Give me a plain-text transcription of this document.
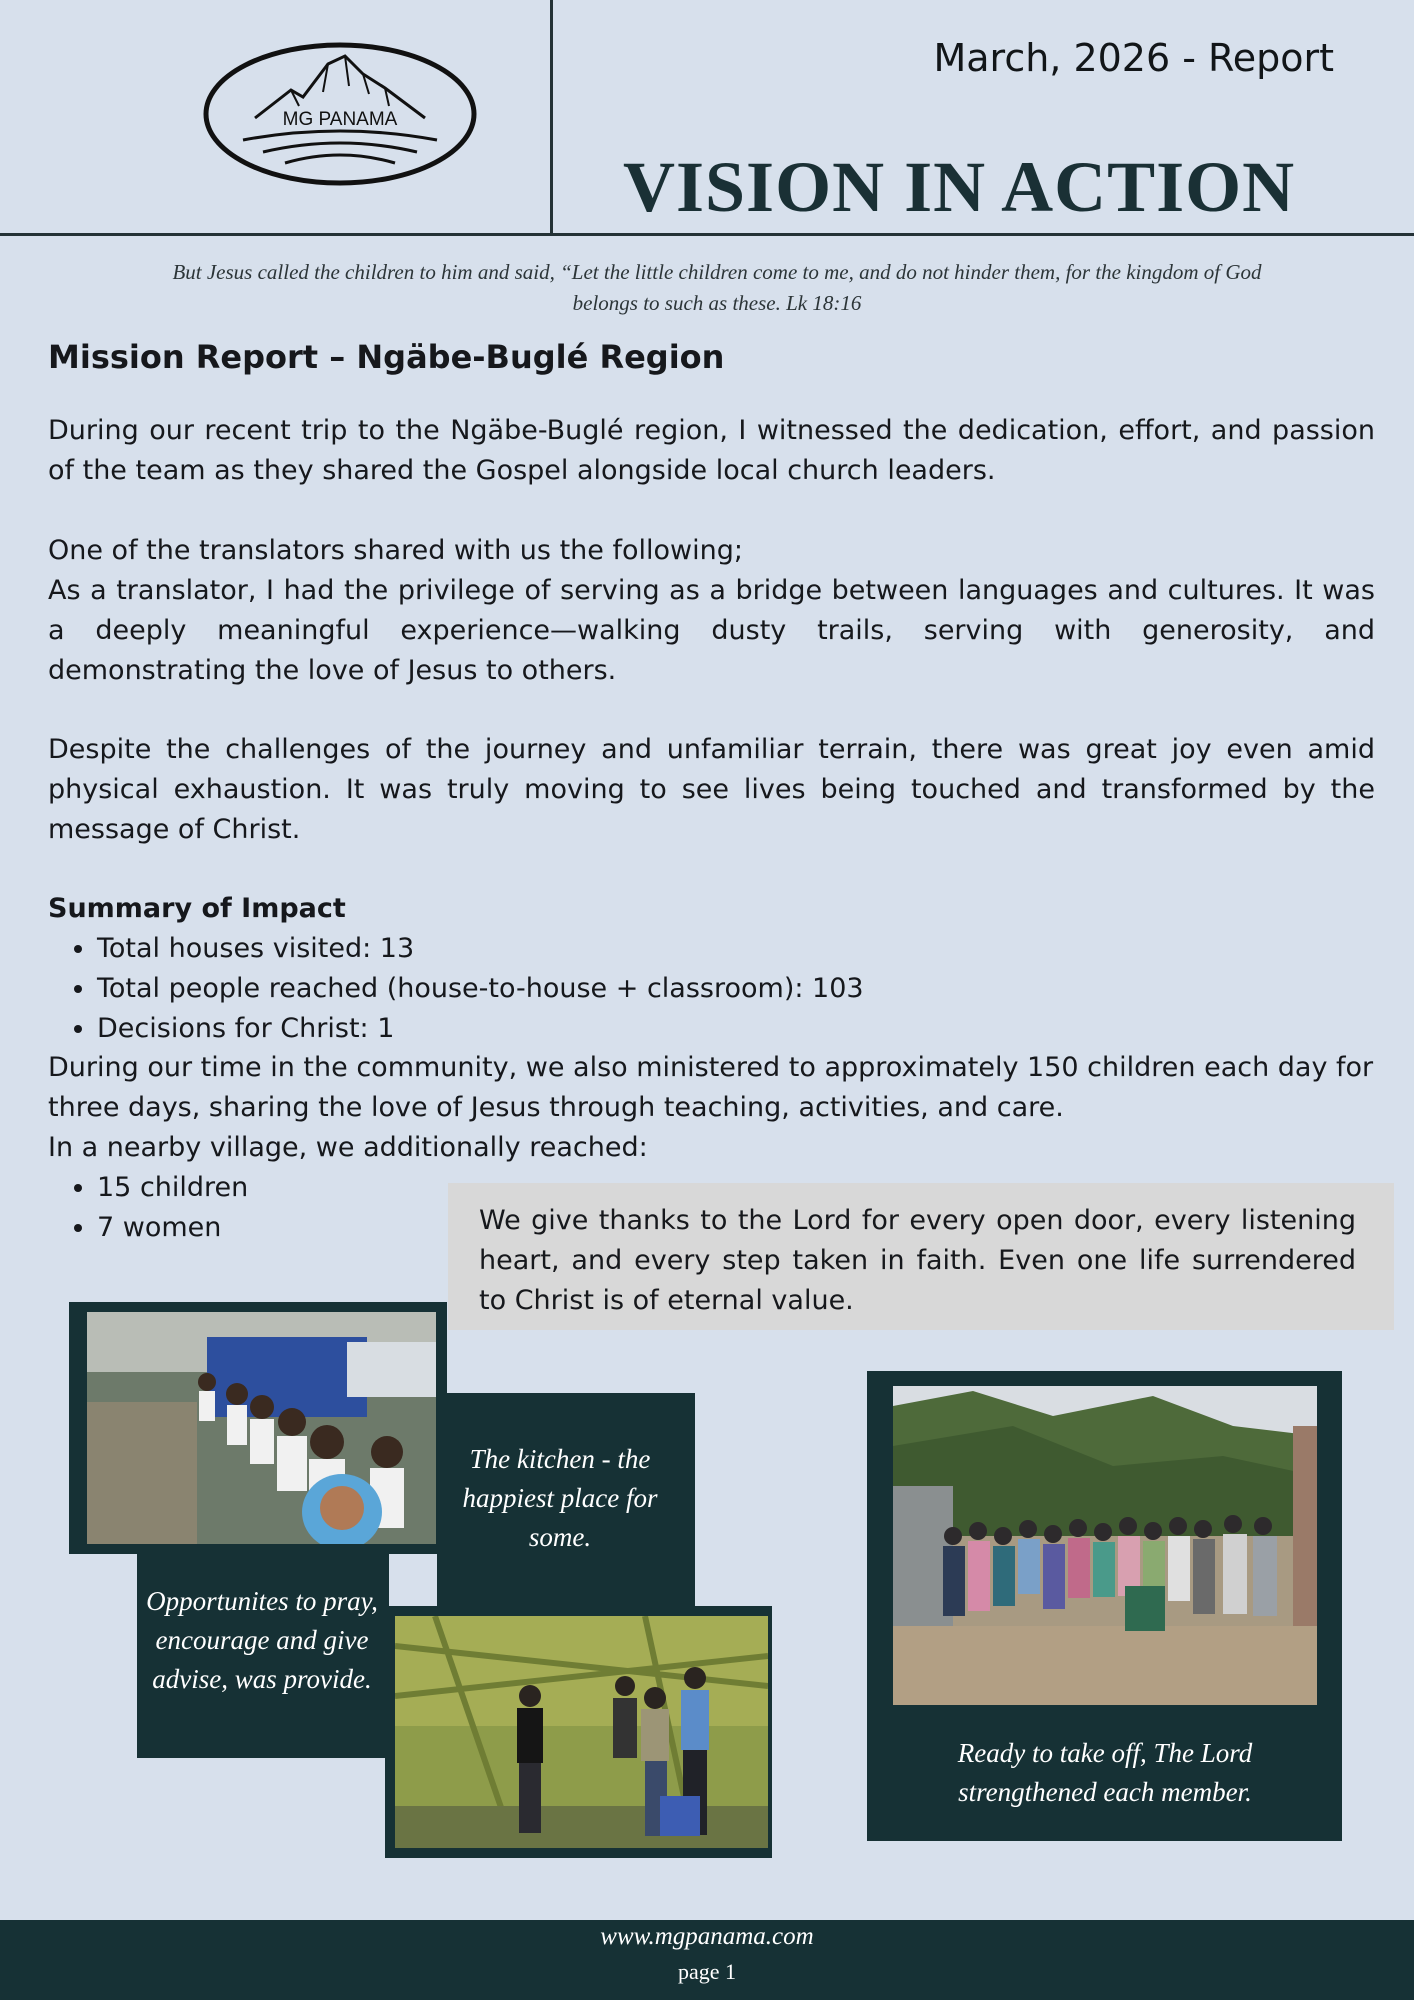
MG PANAMA
March, 2026 - Report
VISION IN ACTION
But Jesus called the children to him and said, “Let the little children come to me, and do not hinder them, for the kingdom of God
belongs to such as these. Lk 18:16
Mission Report – Ngäbe-Buglé Region
During our recent trip to the Ngäbe-Buglé region, I witnessed the dedication, effort, and passion of the team as they shared the Gospel alongside local church leaders.
One of the translators shared with us the following;
As a translator, I had the privilege of serving as a bridge between languages and cultures. It was a deeply meaningful experience—walking dusty trails, serving with generosity, and demonstrating the love of Jesus to others.
Despite the challenges of the journey and unfamiliar terrain, there was great joy even amid physical exhaustion. It was truly moving to see lives being touched and transformed by the message of Christ.
Summary of Impact
• Total houses visited: 13
• Total people reached (house-to-house + classroom): 103
• Decisions for Christ: 1
During our time in the community, we also ministered to approximately 150 children each day for three days, sharing the love of Jesus through teaching, activities, and care.
In a nearby village, we additionally reached:
• 15 children
• 7 women	We give thanks to the Lord for every open door, every listening heart, and every step taken in faith. Even one life surrendered to Christ is of eternal value.
The kitchen - the happiest place for some.
Opportunites to pray, encourage and give advise, was provide.
Ready to take off, The Lord strengthened each member.
www.mgpanama.com
page 1
